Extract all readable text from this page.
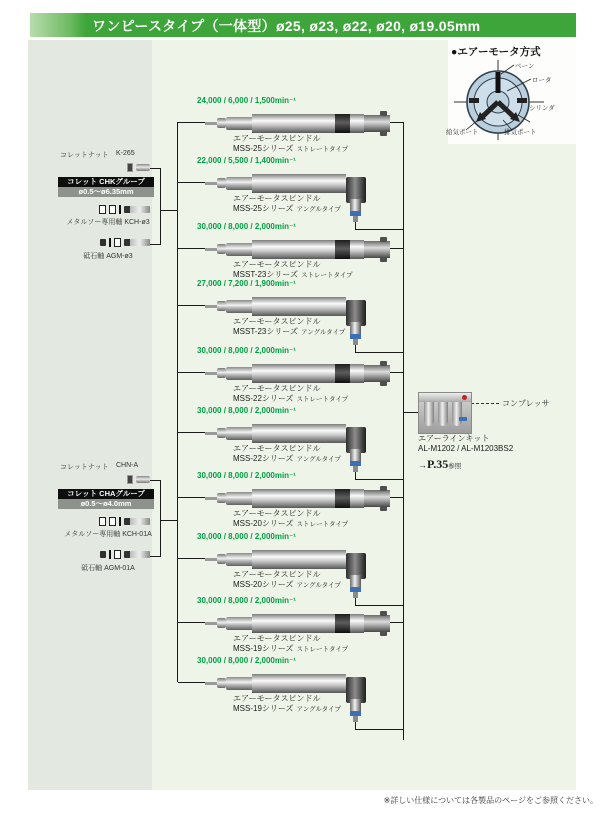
ワンピースタイプ（一体型）ø25, ø23, ø22, ø20, ø19.05mm
●エアーモータ方式
ベーン
ロータ
シリンダ
給気ポート	排気ポート
コレットナット K-265
コレット CHKグループ
ø0.5～ø6.35mm
メタルソー専用軸 KCH-ø3
砥石軸 AGM-ø3
コレットナット CHN-A
コレット CHAグループ
ø0.5～ø4.0mm
メタルソー専用軸 KCH-01A
砥石軸 AGM-01A
コンプレッサ
エアーラインキット
AL-M1202 / AL-M1203BS2
→P.35参照
※詳しい仕様については各製品のページをご参照ください。
24,000 / 6,000 / 1,500min⁻¹
エアーモータスピンドル
MSS-25シリーズ ストレートタイプ
22,000 / 5,500 / 1,400min⁻¹
エアーモータスピンドル
MSS-25シリーズ アングルタイプ
30,000 / 8,000 / 2,000min⁻¹
エアーモータスピンドル
MSST-23シリーズ ストレートタイプ
27,000 / 7,200 / 1,900min⁻¹
エアーモータスピンドル
MSST-23シリーズ アングルタイプ
30,000 / 8,000 / 2,000min⁻¹
エアーモータスピンドル
MSS-22シリーズ ストレートタイプ
30,000 / 8,000 / 2,000min⁻¹
エアーモータスピンドル
MSS-22シリーズ アングルタイプ
30,000 / 8,000 / 2,000min⁻¹
エアーモータスピンドル
MSS-20シリーズ ストレートタイプ
30,000 / 8,000 / 2,000min⁻¹
エアーモータスピンドル
MSS-20シリーズ アングルタイプ
30,000 / 8,000 / 2,000min⁻¹
エアーモータスピンドル
MSS-19シリーズ ストレートタイプ
30,000 / 8,000 / 2,000min⁻¹
エアーモータスピンドル
MSS-19シリーズ アングルタイプ
